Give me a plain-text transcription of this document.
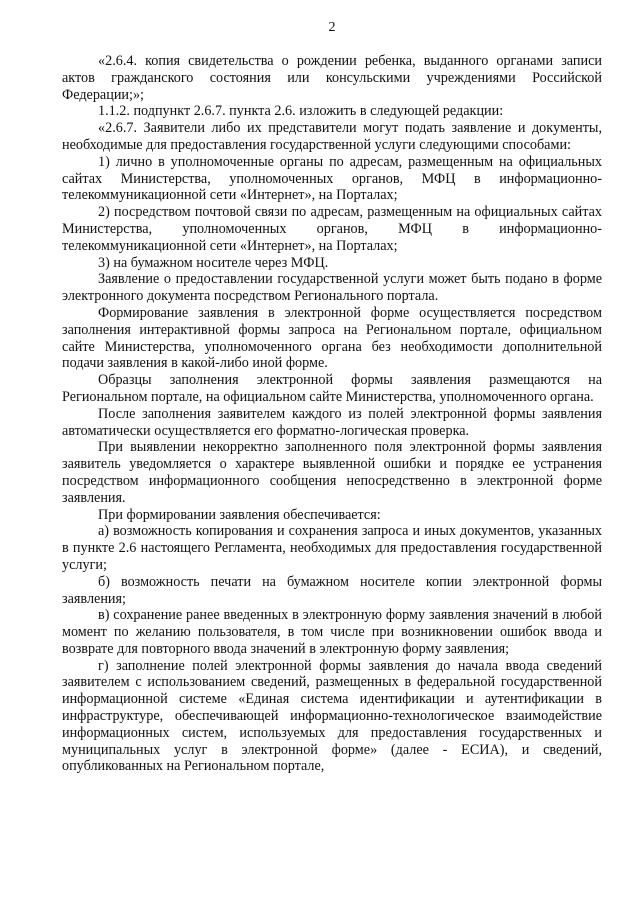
2

«2.6.4. копия свидетельства о рождении ребенка, выданного органами записи актов гражданского состояния или консульскими учреждениями Российской Федерации;»;

1.1.2. подпункт 2.6.7. пункта 2.6. изложить в следующей редакции:

«2.6.7. Заявители либо их представители могут подать заявление и документы, необходимые для предоставления государственной услуги следующими способами:

1) лично в уполномоченные органы по адресам, размещенным на официальных сайтах Министерства, уполномоченных органов, МФЦ в информационно-телекоммуникационной сети «Интернет», на Порталах;

2) посредством почтовой связи по адресам, размещенным на официальных сайтах Министерства, уполномоченных органов, МФЦ в информационно-телекоммуникационной сети «Интернет», на Порталах;

3) на бумажном носителе через МФЦ.

Заявление о предоставлении государственной услуги может быть подано в форме электронного документа посредством Регионального портала.

Формирование заявления в электронной форме осуществляется посредством заполнения интерактивной формы запроса на Региональном портале, официальном сайте Министерства, уполномоченного органа без необходимости дополнительной подачи заявления в какой-либо иной форме.

Образцы заполнения электронной формы заявления размещаются на Региональном портале, на официальном сайте Министерства, уполномоченного органа.

После заполнения заявителем каждого из полей электронной формы заявления автоматически осуществляется его форматно-логическая проверка.

При выявлении некорректно заполненного поля электронной формы заявления заявитель уведомляется о характере выявленной ошибки и порядке ее устранения посредством информационного сообщения непосредственно в электронной форме заявления.

При формировании заявления обеспечивается:

а) возможность копирования и сохранения запроса и иных документов, указанных в пункте 2.6 настоящего Регламента, необходимых для предоставления государственной услуги;

б) возможность печати на бумажном носителе копии электронной формы заявления;

в) сохранение ранее введенных в электронную форму заявления значений в любой момент по желанию пользователя, в том числе при возникновении ошибок ввода и возврате для повторного ввода значений в электронную форму заявления;

г) заполнение полей электронной формы заявления до начала ввода сведений заявителем с использованием сведений, размещенных в федеральной государственной информационной системе «Единая система идентификации и аутентификации в инфраструктуре, обеспечивающей информационно-технологическое взаимодействие информационных систем, используемых для предоставления государственных и муниципальных услуг в электронной форме» (далее - ЕСИА), и сведений, опубликованных на Региональном портале,
